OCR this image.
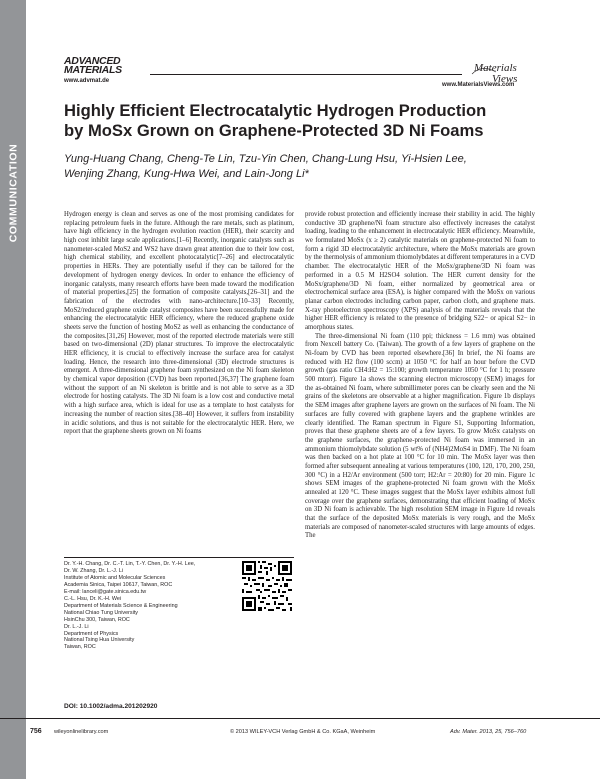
COMMUNICATION
ADVANCED
MATERIALS
www.advmat.de
Materials
Views
www.MaterialsViews.com
Highly Efficient Electrocatalytic Hydrogen Production
by MoSx Grown on Graphene-Protected 3D Ni Foams
Yung-Huang Chang, Cheng-Te Lin, Tzu-Yin Chen, Chang-Lung Hsu, Yi-Hsien Lee,
Wenjing Zhang, Kung-Hwa Wei, and Lain-Jong Li*

Hydrogen energy is clean and serves as one of the most promising candidates for replacing petroleum fuels in the future. Although the rare metals, such as platinum, have high efficiency in the hydrogen evolution reaction (HER), their scarcity and high cost inhibit large scale applications.[1–6] Recently, inorganic catalysts such as nanometer-scaled MoS2 and WS2 have drawn great attention due to their low cost, high chemical stability, and excellent photocatalytic[7–26] and electrocatalytic properties in HERs. They are potentially useful if they can be tailored for the development of hydrogen energy devices. In order to enhance the efficiency of inorganic catalysts, many research efforts have been made toward the modification of material properties,[25] the formation of composite catalysts,[26–31] and the fabrication of the electrodes with nano-architecture.[10–33] Recently, MoS2/reduced graphene oxide catalyst composites have been successfully made for enhancing the electrocatalytic HER efficiency, where the reduced graphene oxide sheets serve the function of hosting MoS2 as well as enhancing the conductance of the composites.[31,26] However, most of the reported electrode materials were still based on two-dimensional (2D) planar structures. To improve the electrocatalytic HER efficiency, it is crucial to effectively increase the surface area for catalyst loading. Hence, the research into three-dimensional (3D) electrode structures is emergent. A three-dimensional graphene foam synthesized on the Ni foam skeleton by chemical vapor deposition (CVD) has been reported.[36,37] The graphene foam without the support of an Ni skeleton is brittle and is not able to serve as a 3D electrode for hosting catalysts. The 3D Ni foam is a low cost and conductive metal with a high surface area, which is ideal for use as a template to host catalysts for increasing the number of reaction sites.[38–40] However, it suffers from instability in acidic solutions, and thus is not suitable for the electrocatalytic HER. Here, we report that the graphene sheets grown on Ni foams

provide robust protection and efficiently increase their stability in acid. The highly conductive 3D graphene/Ni foam structure also effectively increases the catalyst loading, leading to the enhancement in electrocatalytic HER efficiency. Meanwhile, we formulated MoSx (x ≥ 2) catalytic materials on graphene-protected Ni foam to form a rigid 3D electrocatalytic architecture, where the MoSx materials are grown by the thermolysis of ammonium thiomolybdates at different temperatures in a CVD chamber. The electrocatalytic HER of the MoSx/graphene/3D Ni foam was performed in a 0.5 M H2SO4 solution. The HER current density for the MoSx/graphene/3D Ni foam, either normalized by geometrical area or electrochemical surface area (ESA), is higher compared with the MoSx on various planar carbon electrodes including carbon paper, carbon cloth, and graphene mats. X-ray photoelectron spectroscopy (XPS) analysis of the materials reveals that the higher HER efficiency is related to the presence of bridging S22− or apical S2− in amorphous states.

The three-dimensional Ni foam (110 ppi; thickness = 1.6 mm) was obtained from Nexcell battery Co. (Taiwan). The growth of a few layers of graphene on the Ni-foam by CVD has been reported elsewhere.[36] In brief, the Ni foams are reduced with H2 flow (100 sccm) at 1050 °C for half an hour before the CVD growth (gas ratio CH4:H2 = 15:100; growth temperature 1050 °C for 1 h; pressure 500 mtorr). Figure 1a shows the scanning electron microscopy (SEM) images for the as-obtained Ni foam, where submillimeter pores can be clearly seen and the Ni grains of the skeletons are observable at a higher magnification. Figure 1b displays the SEM images after graphene layers are grown on the surfaces of Ni foam. The Ni surfaces are fully covered with graphene layers and the graphene wrinkles are clearly identified. The Raman spectrum in Figure S1, Supporting Information, proves that these graphene sheets are of a few layers. To grow MoSx catalysts on the graphene surfaces, the graphene-protected Ni foam was immersed in an ammonium thiomolybdate solution (5 wt% of (NH4)2MoS4 in DMF). The Ni foam was then backed on a hot plate at 100 °C for 10 min. The MoSx layer was then formed after subsequent annealing at various temperatures (100, 120, 170, 200, 250, 300 °C) in a H2/Ar environment (500 torr; H2:Ar = 20:80) for 20 min. Figure 1c shows SEM images of the graphene-protected Ni foam grown with the MoSx annealed at 120 °C. These images suggest that the MoSx layer exhibits almost full coverage over the graphene surfaces, demonstrating that efficient loading of MoSx on 3D Ni foam is achievable. The high resolution SEM image in Figure 1d reveals that the surface of the deposited MoSx materials is very rough, and the MoSx materials are composed of nanometer-scaled structures with large amounts of edges. The

Dr. Y.-H. Chang, Dr. C.-T. Lin, T.-Y. Chen, Dr. Y.-H. Lee,
Dr. W. Zhang, Dr. L.-J. Li
Institute of Atomic and Molecular Sciences
Academia Sinica, Taipei 10617, Taiwan, ROC
E-mail: lanceli@gate.sinica.edu.tw
C.-L. Hsu, Dr. K.-H. Wei
Department of Materials Science & Engineering
National Chiao Tung University
HsinChu 300, Taiwan, ROC
Dr. L.-J. Li
Department of Physics
National Tsing Hua University
Taiwan, ROC
DOI: 10.1002/adma.201202920
756 wileyonlinelibrary.com	© 2013 WILEY-VCH Verlag GmbH & Co. KGaA, Weinheim	Adv. Mater. 2013, 25, 756–760
